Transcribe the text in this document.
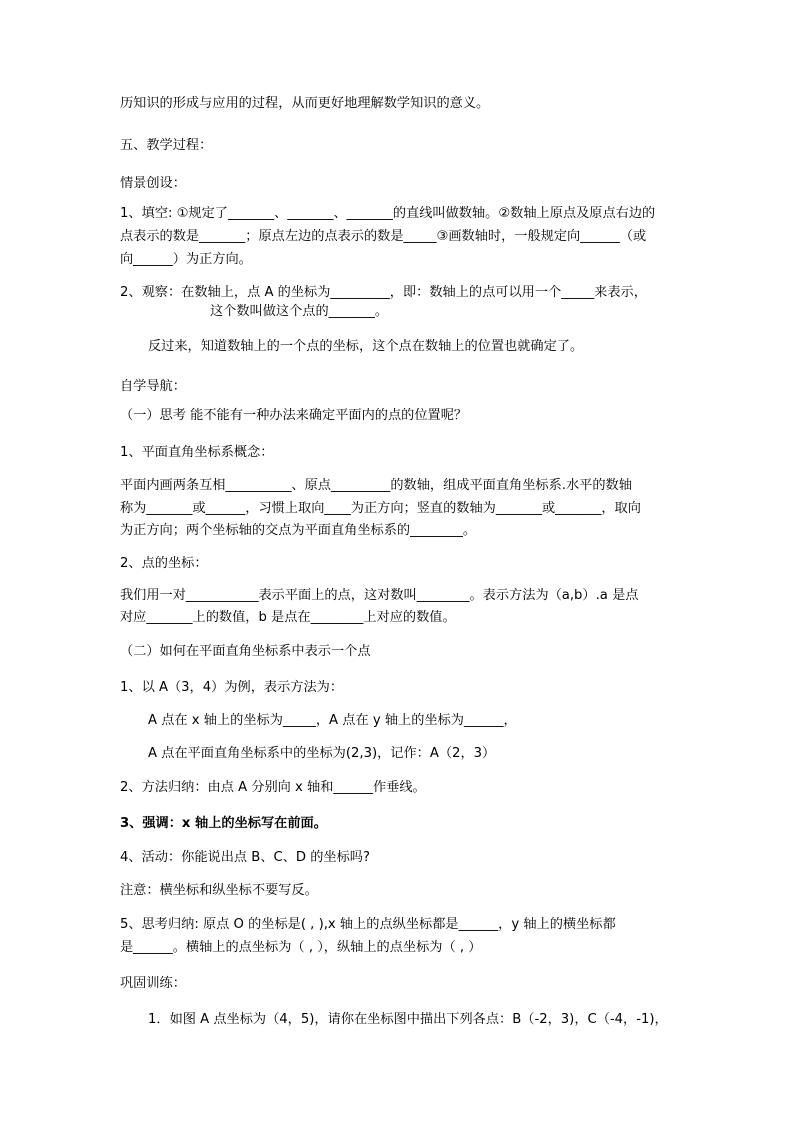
历知识的形成与应用的过程，从而更好地理解数学知识的意义。
五、教学过程：
情景创设：
1、填空: ①规定了_______、_______、_______的直线叫做数轴。②数轴上原点及原点右边的
点表示的数是_______；原点左边的点表示的数是_____③画数轴时，一般规定向______（或
向______）为正方向。
2、观察：在数轴上，点 A 的坐标为_________，即：数轴上的点可以用一个_____来表示，
这个数叫做这个点的_______。
反过来，知道数轴上的一个点的坐标，这个点在数轴上的位置也就确定了。
自学导航：
（一）思考 能不能有一种办法来确定平面内的点的位置呢？
1、平面直角坐标系概念：
平面内画两条互相__________、原点_________的数轴，组成平面直角坐标系.水平的数轴
称为_______或______，习惯上取向____为正方向；竖直的数轴为_______或_______，取向
为正方向；两个坐标轴的交点为平面直角坐标系的________。
2、点的坐标：
我们用一对___________表示平面上的点，这对数叫________。表示方法为（a,b）.a 是点
对应_______上的数值，b 是点在________上对应的数值。
（二）如何在平面直角坐标系中表示一个点
1、以 A（3，4）为例，表示方法为：
A 点在 x 轴上的坐标为_____，A 点在 y 轴上的坐标为______，
A 点在平面直角坐标系中的坐标为(2,3)，记作：A（2，3）
2、方法归纳：由点 A 分别向 x 轴和______作垂线。
3、强调：x 轴上的坐标写在前面。
4、活动：你能说出点 B、C、D 的坐标吗?
注意：横坐标和纵坐标不要写反。
5、思考归纳: 原点 O 的坐标是( , ),x 轴上的点纵坐标都是______，y 轴上的横坐标都
是______。横轴上的点坐标为（ , ），纵轴上的点坐标为（ , ）
巩固训练：
1．如图 A 点坐标为（4，5)，请你在坐标图中描出下列各点：B（-2，3)，C（-4，-1)，
